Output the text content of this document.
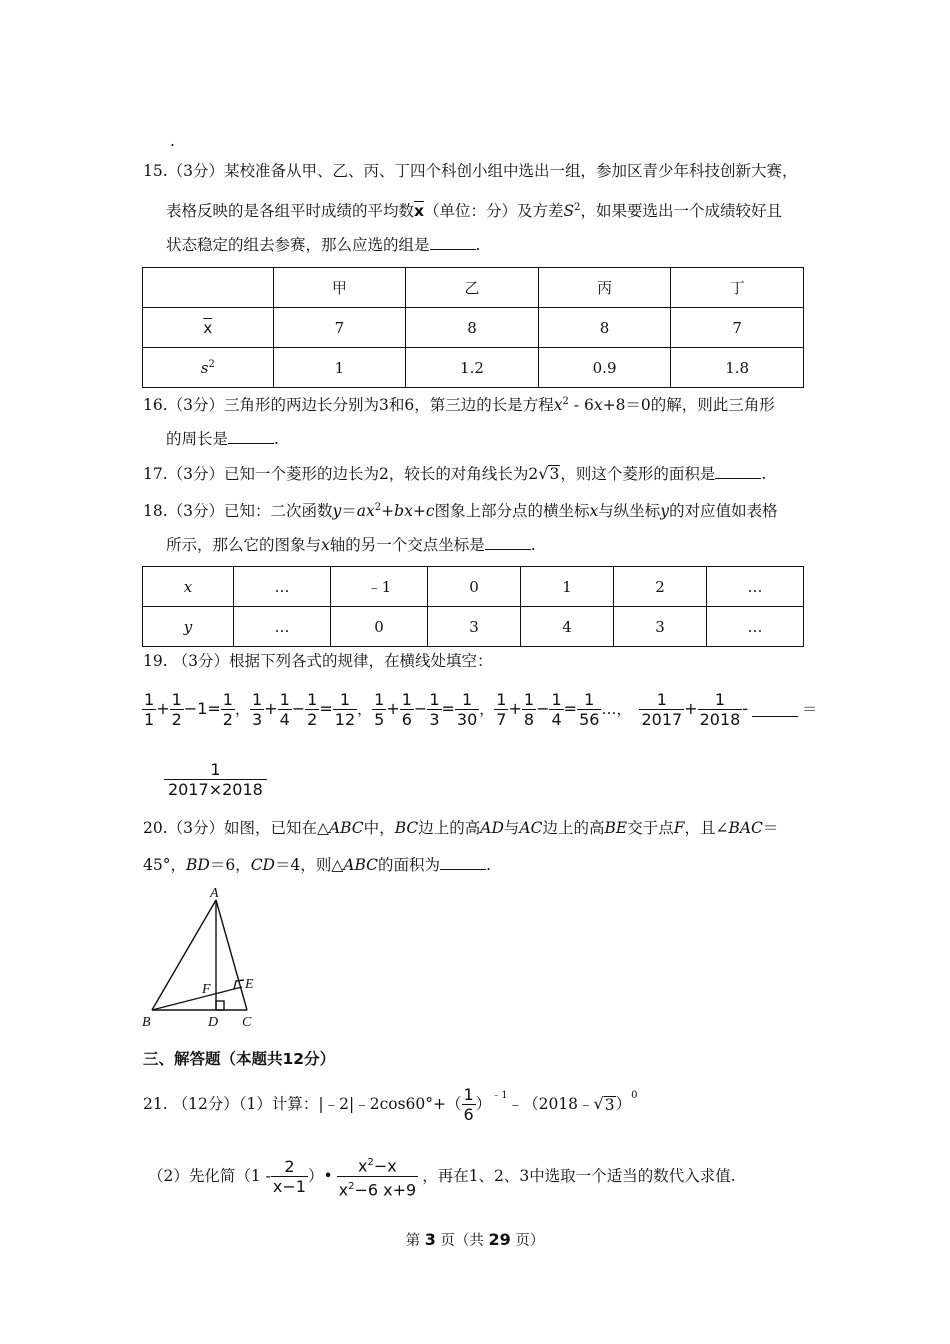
.
15.（3分）某校准备从甲、乙、丙、丁四个科创小组中选出一组，参加区青少年科技创新大赛，
表格反映的是各组平时成绩的平均数$\overline{x}$（单位：分）及方差$S^2$，如果要选出一个成绩较好且
状态稳定的组去参赛，那么应选的组是	.
	甲	乙	丙	丁
$\overline{x}$	7	8	8	7
$s^2$	1	1.2	0.9	1.8
16.（3分）三角形的两边长分别为3和6，第三边的长是方程$x^2 - 6x+8=0$的解，则此三角形
的周长是	.
17.（3分）已知一个菱形的边长为2，较长的对角线长为2√3，则这个菱形的面积是	.
18.（3分）已知：二次函数$y=ax^2+bx+c$图象上部分点的横坐标x与纵坐标y的对应值如表格
所示，那么它的图象与x轴的另一个交点坐标是	.
x	…	﹣1	0	1	2	…
y	…	0	3	4	3	…
19. （3分）根据下列各式的规律，在横线处填空：
$\frac{1}{1} + \frac{1}{2} -1= \frac{1}{2}$ ， $\frac{1}{3} + \frac{1}{4} - \frac{1}{2} = \frac{1}{12}$ ， $\frac{1}{5} + \frac{1}{6} - \frac{1}{3} = \frac{1}{30}$ ， $\frac{1}{7} + \frac{1}{8} - \frac{1}{4} = \frac{1}{56}$ …， $\frac{1}{2017} + \frac{1}{2018}$ -	＝
$\frac{1}{2017\times 2018}$
20.（3分）如图，已知在△ABC中，BC边上的高AD与AC边上的高BE交于点F，且∠BAC＝
45°，BD＝6，CD＝4，则△ABC的面积为	.
A
B	C
D
E
F
三、解答题（本题共12分）
21. （12分）（1）计算：|﹣2|﹣2cos60°+（ $\frac{1}{6} )^{﹣1}$ ﹣（2018﹣ √ 3 ）$^0$
（2）先化简（$1 - \frac{2}{x-1}$ ）• $\frac{x^2-x}{x^2-6 x+9}$ ，再在1、2、3中选取一个适当的数代入求值.
第 3 页（共 29 页）
